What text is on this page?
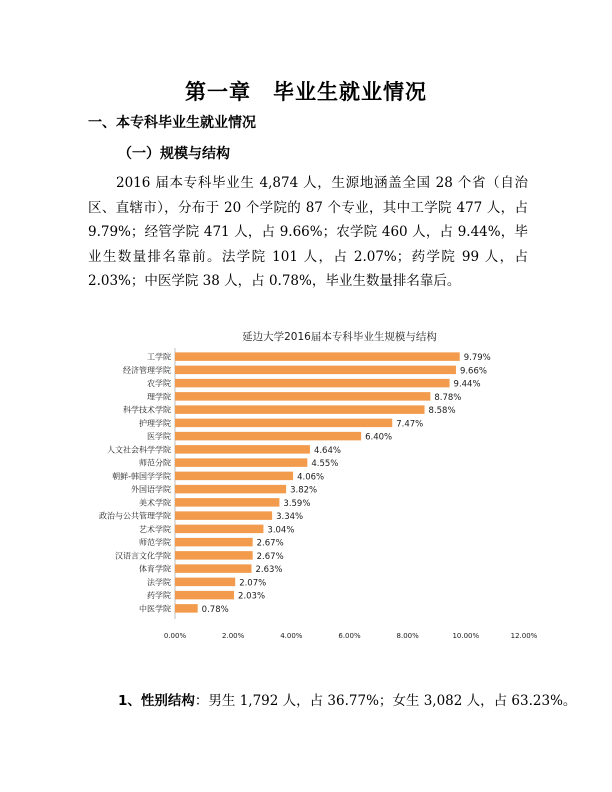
第一章　毕业生就业情况
一、本专科毕业生就业情况
（一）规模与结构

2016 届本专科毕业生 4,874 人，生源地涵盖全国 28 个省（自治区、直辖市），分布于 20 个学院的 87 个专业，其中工学院 477 人，占 9.79%；经管学院 471 人，占 9.66%；农学院 460 人，占 9.44%，毕业生数量排名靠前。法学院 101 人，占 2.07%；药学院 99 人，占 2.03%；中医学院 38 人，占 0.78%，毕业生数量排名靠后。

延边大学2016届本专科毕业生规模与结构
工学院	9.79%
经济管理学院	9.66%
农学院	9.44%
理学院	8.78%
科学技术学院	8.58%
护理学院	7.47%
医学院	6.40%
人文社会科学学院	4.64%
师范分院	4.55%
朝鲜-韩国学学院	4.06%
外国语学院	3.82%
美术学院	3.59%
政治与公共管理学院	3.34%
艺术学院	3.04%
师范学院	2.67%
汉语言文化学院	2.67%
体育学院	2.63%
法学院	2.07%
药学院	2.03%
中医学院	0.78%
0.00%	2.00%	4.00%	6.00%	8.00%	10.00%	12.00%
1、性别结构：男生 1,792 人，占 36.77%；女生 3,082 人，占 63.23%。
